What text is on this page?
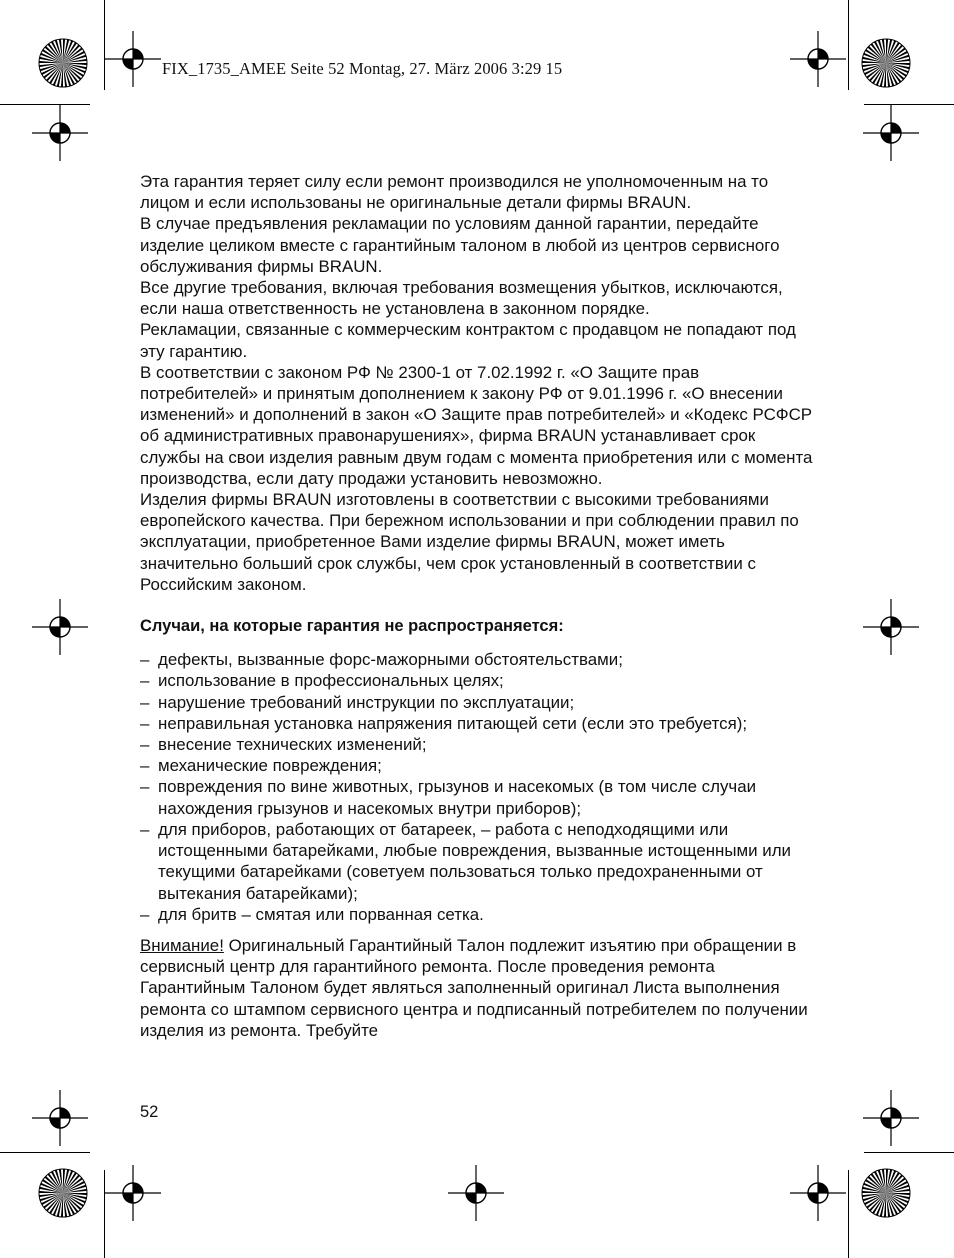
FIX_1735_AMEE Seite 52 Montag, 27. März 2006 3:29 15

Эта гарантия теряет силу если ремонт производился не уполномоченным на то лицом и если использованы не оригинальные детали фирмы BRAUN.

В случае предъявления рекламации по условиям данной гарантии, передайте изделие целиком вместе с гарантийным талоном в любой из центров сервисного обслуживания фирмы BRAUN.

Все другие требования, включая требования возмещения убытков, исключаются, если наша ответственность не установлена в законном порядке.

Рекламации, связанные с коммерческим контрактом с продавцом не попадают под эту гарантию.

В соответствии с законом РФ № 2300-1 от 7.02.1992 г. «О Защите прав потребителей» и принятым дополнением к закону РФ от 9.01.1996 г. «О внесении изменений» и дополнений в закон «О Защите прав потребителей» и «Кодекс РСФСР об административных правонарушениях», фирма BRAUN устанавливает срок службы на свои изделия равным двум годам с момента приобретения или с момента производства, если дату продажи установить невозможно.

Изделия фирмы BRAUN изготовлены в соответствии с высокими требованиями европейского качества. При бережном использовании и при соблюдении правил по эксплуатации, приобретенное Вами изделие фирмы BRAUN, может иметь значительно больший срок службы, чем срок установленный в соответствии с Российским законом.

Случаи, на которые гарантия не распространяется:
– дефекты, вызванные форс-мажорными обстоятельствами;
– использование в профессиональных целях;
– нарушение требований инструкции по эксплуатации;
– неправильная установка напряжения питающей сети (если это требуется);
– внесение технических изменений;
– механические повреждения;
– повреждения по вине животных, грызунов и насекомых (в том числе случаи нахождения грызунов и насекомых внутри приборов);
– для приборов, работающих от батареек, – работа с неподходящими или истощенными батарейками, любые повреждения, вызванные истощенными или текущими батарейками (советуем пользоваться только предохраненными от вытекания батарейками);
– для бритв – смятая или порванная сетка.

Внимание! Оригинальный Гарантийный Талон подлежит изъятию при обращении в сервисный центр для гарантийного ремонта. После проведения ремонта Гарантийным Талоном будет являться заполненный оригинал Листа выполнения ремонта со штампом сервисного центра и подписанный потребителем по получении изделия из ремонта. Требуйте

52
